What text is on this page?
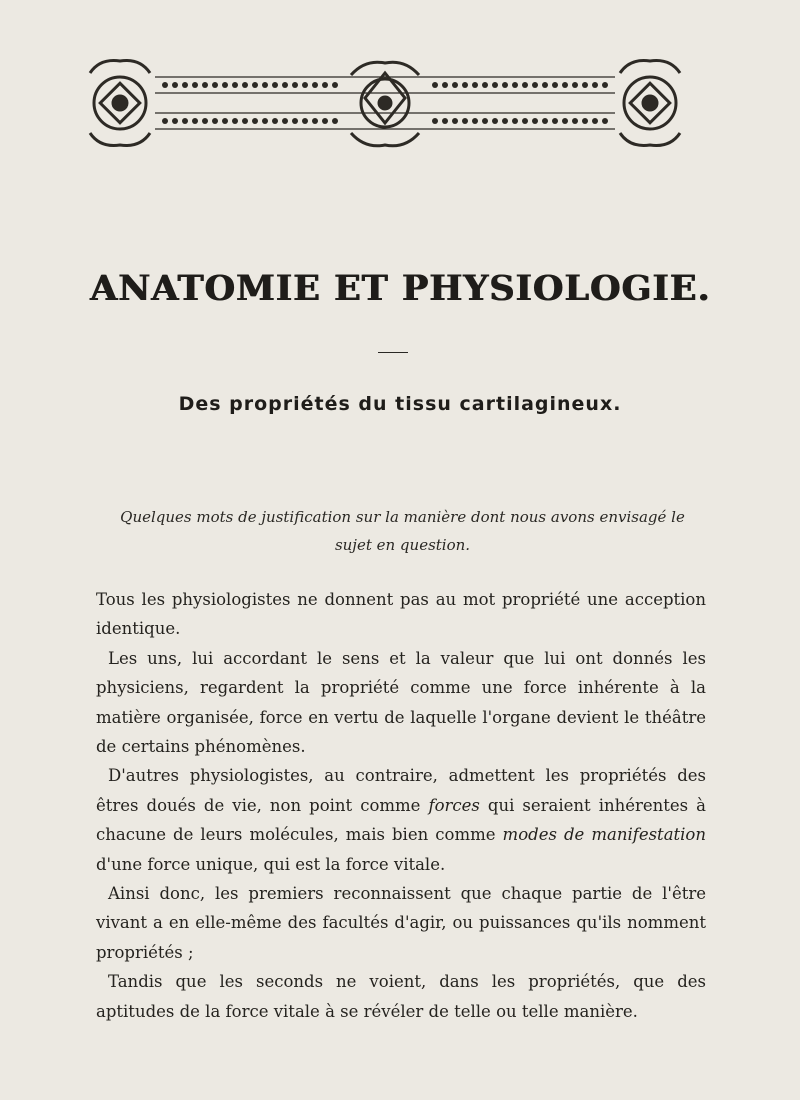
ANATOMIE ET PHYSIOLOGIE.
Des propriétés du tissu cartilagineux.
Quelques mots de justification sur la manière dont nous avons envisagé le sujet en question.

Tous les physiologistes ne donnent pas au mot propriété une acception identique.

Les uns, lui accordant le sens et la valeur que lui ont donnés les physiciens, regardent la propriété comme une force inhérente à la matière organisée, force en vertu de laquelle l'organe devient le théâtre de certains phénomènes.

D'autres physiologistes, au contraire, admettent les propriétés des êtres doués de vie, non point comme forces qui seraient inhérentes à chacune de leurs molécules, mais bien comme modes de manifestation d'une force unique, qui est la force vitale.

Ainsi donc, les premiers reconnaissent que chaque partie de l'être vivant a en elle-même des facultés d'agir, ou puissances qu'ils nomment propriétés ;

Tandis que les seconds ne voient, dans les propriétés, que des aptitudes de la force vitale à se révéler de telle ou telle manière.
